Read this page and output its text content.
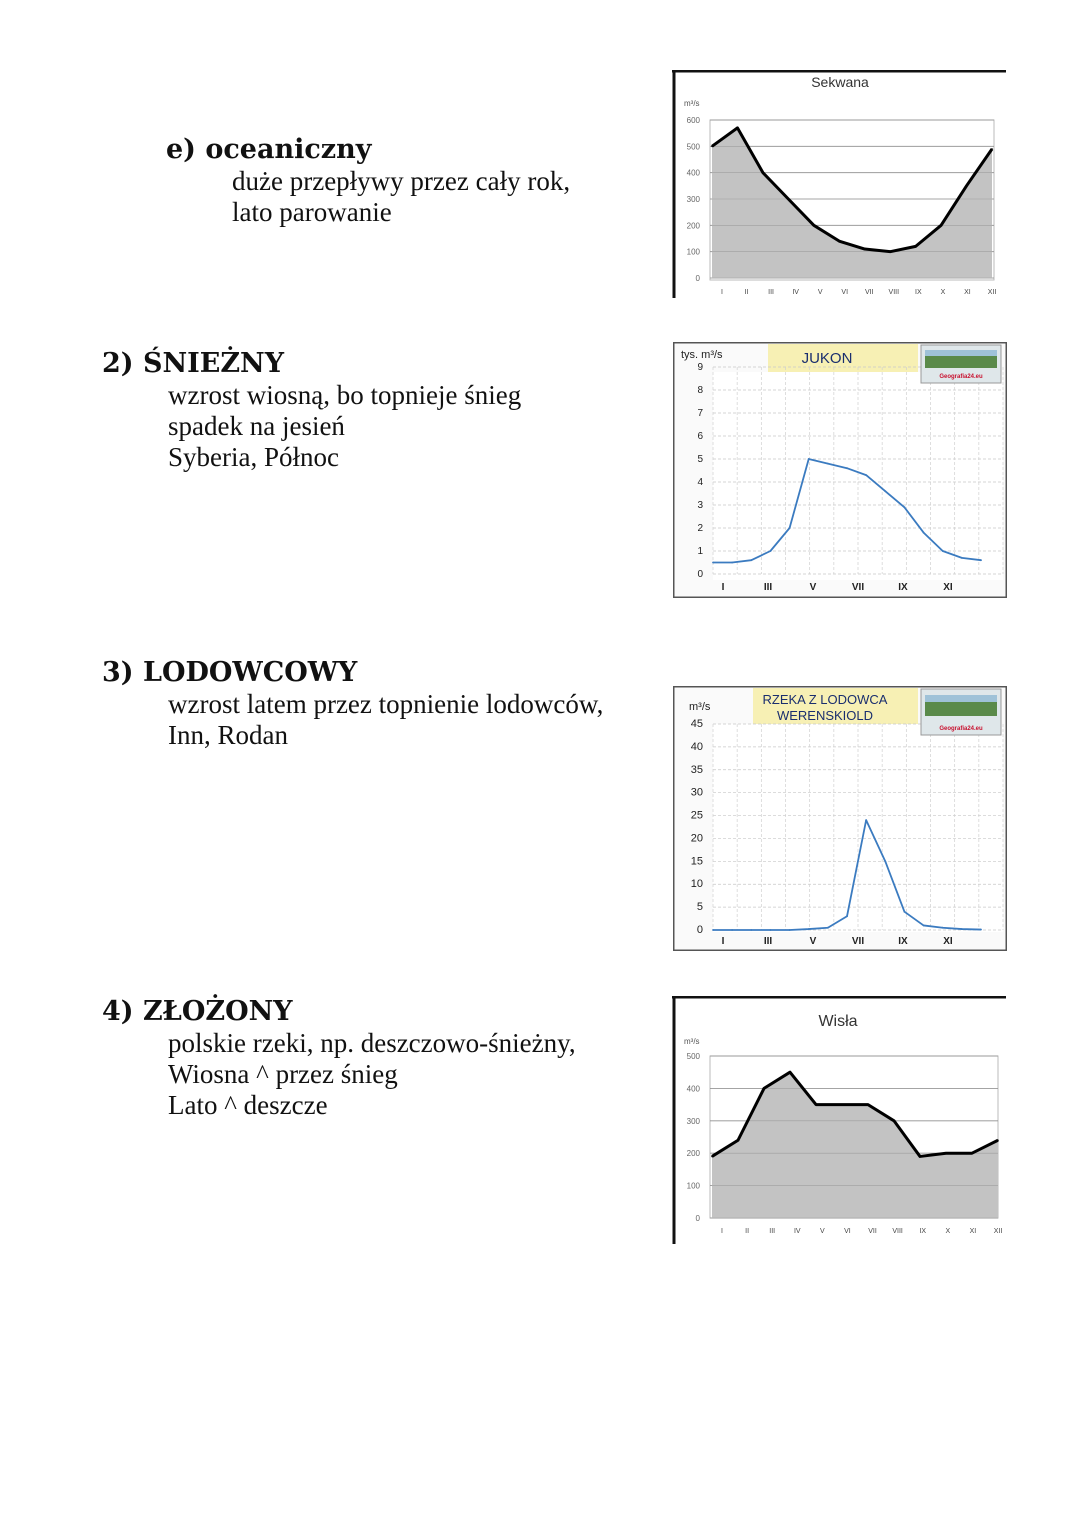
e) oceaniczny
duże przepływy przez cały rok,
lato parowanie
2) ŚNIEŻNY
wzrost wiosną, bo topnieje śnieg
spadek na jesień
Syberia, Północ
3) LODOWCOWY
wzrost latem przez topnienie lodowców,
Inn, Rodan
4) ZŁOŻONY
polskie rzeki, np. deszczowo-śnieżny,
Wiosna ^ przez śnieg
Lato ^ deszcze
Sekwana
m³/s
0
100
200
300
400
500
600
I	II	III	IV	V	VI VII VIII IX	X	XI XII
Geografia24.eu
JUKON
tys. m³/s
0
1
2
3
4
5
6
7
8
9
I	III	V	VII	IX	XI
Geografia24.eu
RZEKA Z LODOWCA
WERENSKIOLD
m³/s
0
5
10
15
20
25
30
35
40
45
I	III	V	VII	IX	XI
Wisła
m³/s
0
100
200
300
400
500
I	II	III	IV	V	VI VII VIII IX	X	XI XII
